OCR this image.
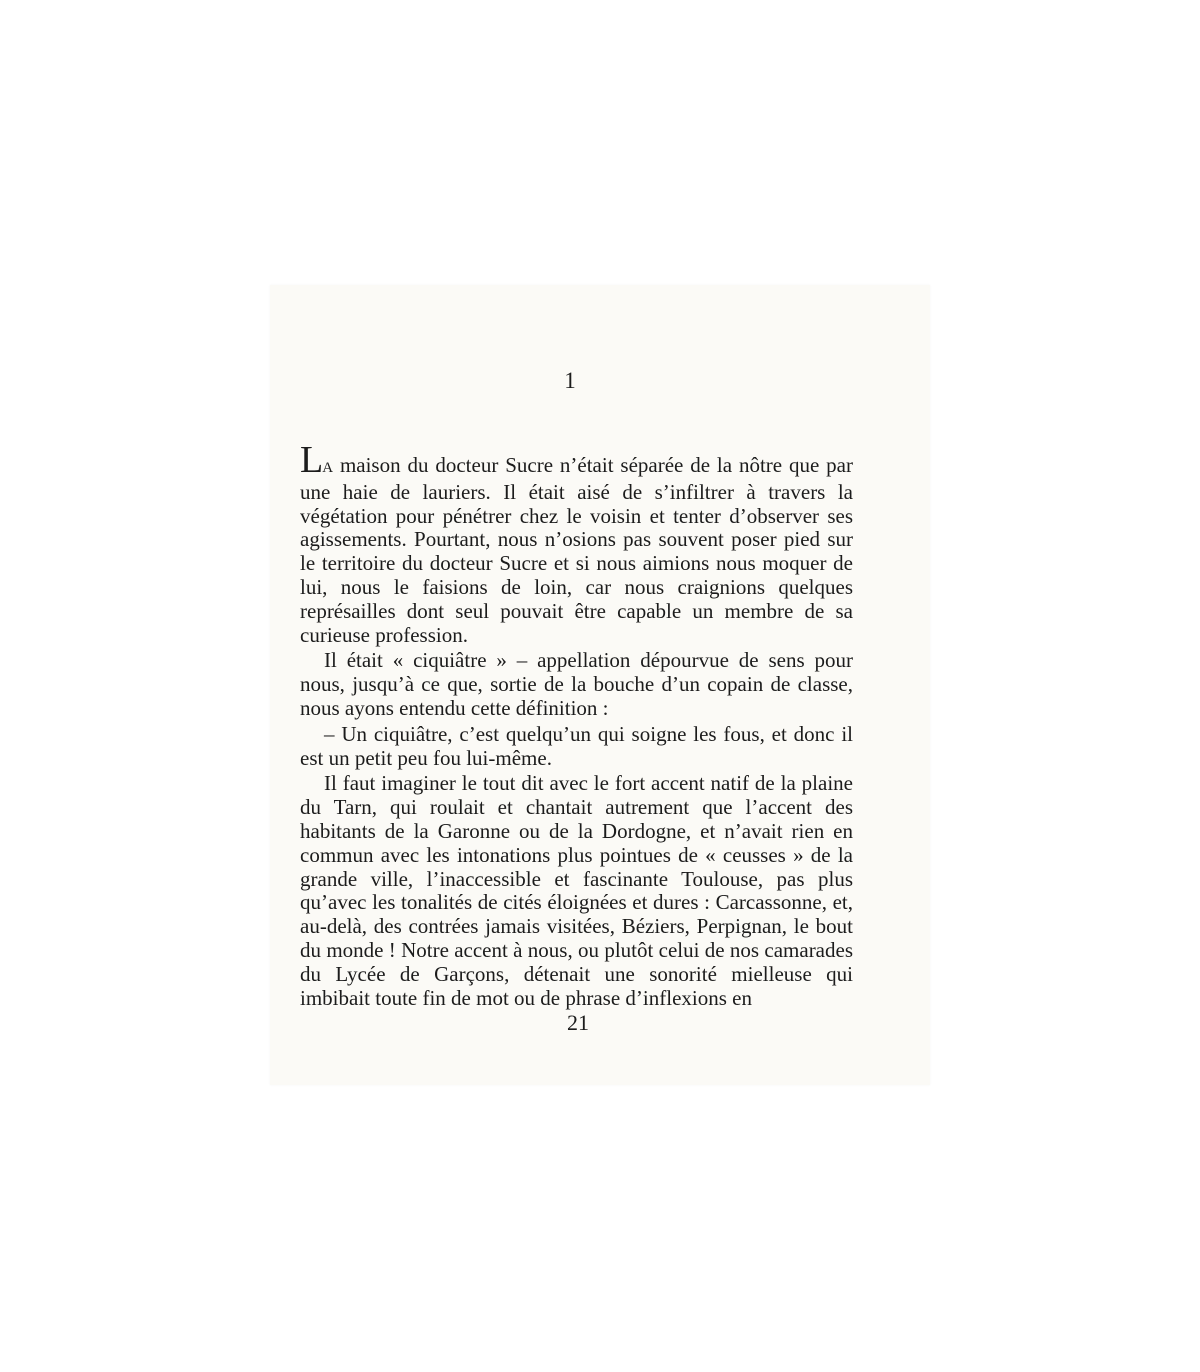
1

LA maison du docteur Sucre n’était séparée de la nôtre que par une haie de lauriers. Il était aisé de s’infiltrer à travers la végétation pour pénétrer chez le voisin et tenter d’observer ses agissements. Pourtant, nous n’osions pas souvent poser pied sur le territoire du docteur Sucre et si nous aimions nous moquer de lui, nous le faisions de loin, car nous craignions quelques représailles dont seul pouvait être capable un membre de sa curieuse profession.

Il était « ciquiâtre » – appellation dépourvue de sens pour nous, jusqu’à ce que, sortie de la bouche d’un copain de classe, nous ayons entendu cette définition :

– Un ciquiâtre, c’est quelqu’un qui soigne les fous, et donc il est un petit peu fou lui-même.

Il faut imaginer le tout dit avec le fort accent natif de la plaine du Tarn, qui roulait et chantait autrement que l’accent des habitants de la Garonne ou de la Dordogne, et n’avait rien en commun avec les intonations plus pointues de « ceusses » de la grande ville, l’inaccessible et fascinante Toulouse, pas plus qu’avec les tonalités de cités éloignées et dures : Carcassonne, et, au-delà, des contrées jamais visitées, Béziers, Perpignan, le bout du monde ! Notre accent à nous, ou plutôt celui de nos camarades du Lycée de Garçons, détenait une sonorité mielleuse qui imbibait toute fin de mot ou de phrase d’inflexions en

21
